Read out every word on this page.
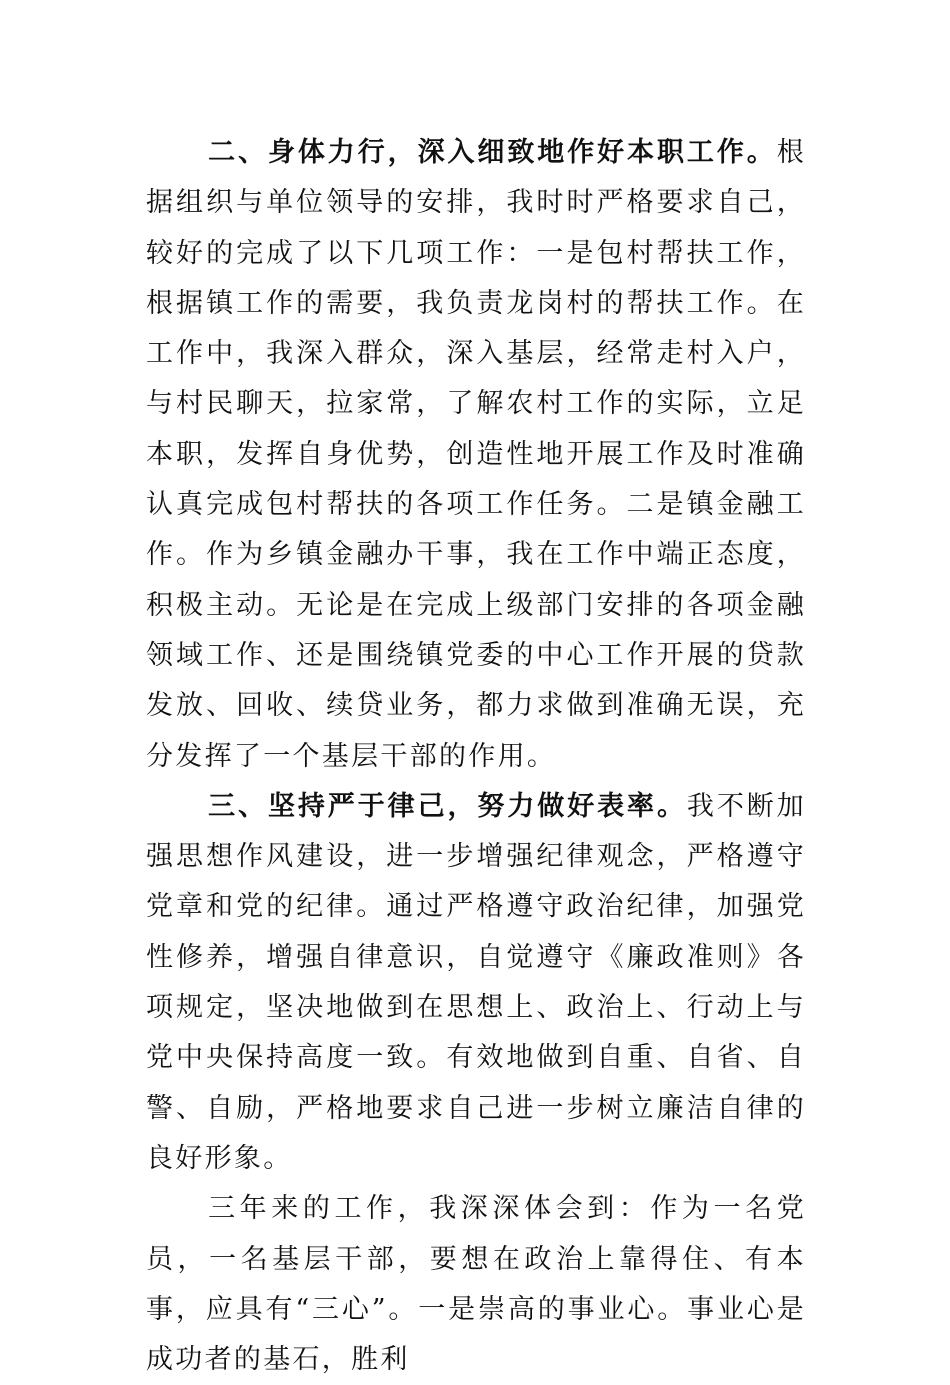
二、身体力行，深入细致地作好本职工作。根据组织与单位领导的安排，我时时严格要求自己，较好的完成了以下几项工作：一是包村帮扶工作，根据镇工作的需要，我负责龙岗村的帮扶工作。在工作中，我深入群众，深入基层，经常走村入户，与村民聊天，拉家常，了解农村工作的实际，立足本职，发挥自身优势，创造性地开展工作及时准确认真完成包村帮扶的各项工作任务。二是镇金融工作。作为乡镇金融办干事，我在工作中端正态度，积极主动。无论是在完成上级部门安排的各项金融领域工作、还是围绕镇党委的中心工作开展的贷款发放、回收、续贷业务，都力求做到准确无误，充分发挥了一个基层干部的作用。

三、坚持严于律己，努力做好表率。我不断加强思想作风建设，进一步增强纪律观念，严格遵守党章和党的纪律。通过严格遵守政治纪律，加强党性修养，增强自律意识，自觉遵守《廉政准则》各项规定，坚决地做到在思想上、政治上、行动上与党中央保持高度一致。有效地做到自重、自省、自警、自励，严格地要求自己进一步树立廉洁自律的良好形象。

三年来的工作，我深深体会到：作为一名党员，一名基层干部，要想在政治上靠得住、有本事，应具有“三心”。一是崇高的事业心。事业心是成功者的基石，胜利
